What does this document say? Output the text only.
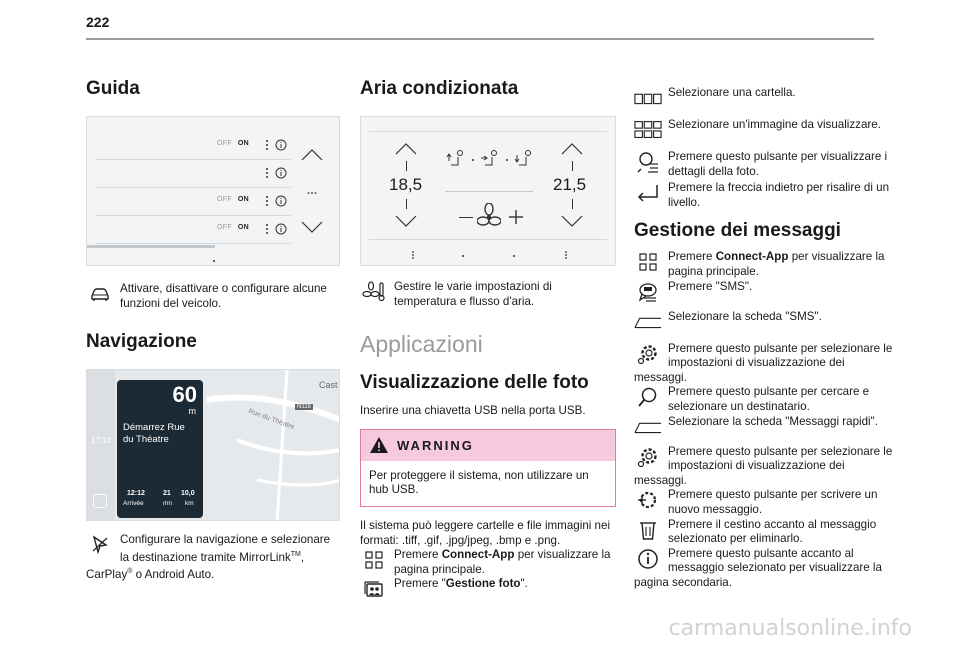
222
Guida
OFF ON
OFF ON
OFF ON
Attivare, disattivare o configurare alcune funzioni del veicolo.
Navigazione
Cast
Rue du Théatre
N118
17:10
60
m
Démarrez Rue
du Théatre
12:12
Arrivée
21
mn
10,0
km
Configurare la navigazione e selezionare la destinazione tramite MirrorLink™, CarPlay® o Android Auto.
Aria condizionata
18,5	21,5
Gestire le varie impostazioni di temperatura e flusso d'aria.
Applicazioni
Visualizzazione delle foto
Inserire una chiavetta USB nella porta USB.
WARNING
Per proteggere il sistema, non utilizzare un hub USB.
Il sistema può leggere cartelle e file immagini nei formati: .tiff, .gif, .jpg/jpeg, .bmp e .png.
Premere Connect-App per visualizzare la pagina principale.
Premere "Gestione foto".
Selezionare una cartella.
Selezionare un'immagine da visualizzare.
Premere questo pulsante per visualizzare i dettagli della foto.
Premere la freccia indietro per risalire di un livello.
Gestione dei messaggi
Premere Connect-App per visualizzare la pagina principale.
Premere "SMS".
Selezionare la scheda "SMS".
Premere questo pulsante per selezionare le impostazioni di visualizzazione dei messaggi.
Premere questo pulsante per cercare e selezionare un destinatario.
Selezionare la scheda "Messaggi rapidi".
Premere questo pulsante per selezionare le impostazioni di visualizzazione dei messaggi.
Premere questo pulsante per scrivere un nuovo messaggio.
Premere il cestino accanto al messaggio selezionato per eliminarlo.
Premere questo pulsante accanto al messaggio selezionato per visualizzare la pagina secondaria.
carmanualsonline.info
